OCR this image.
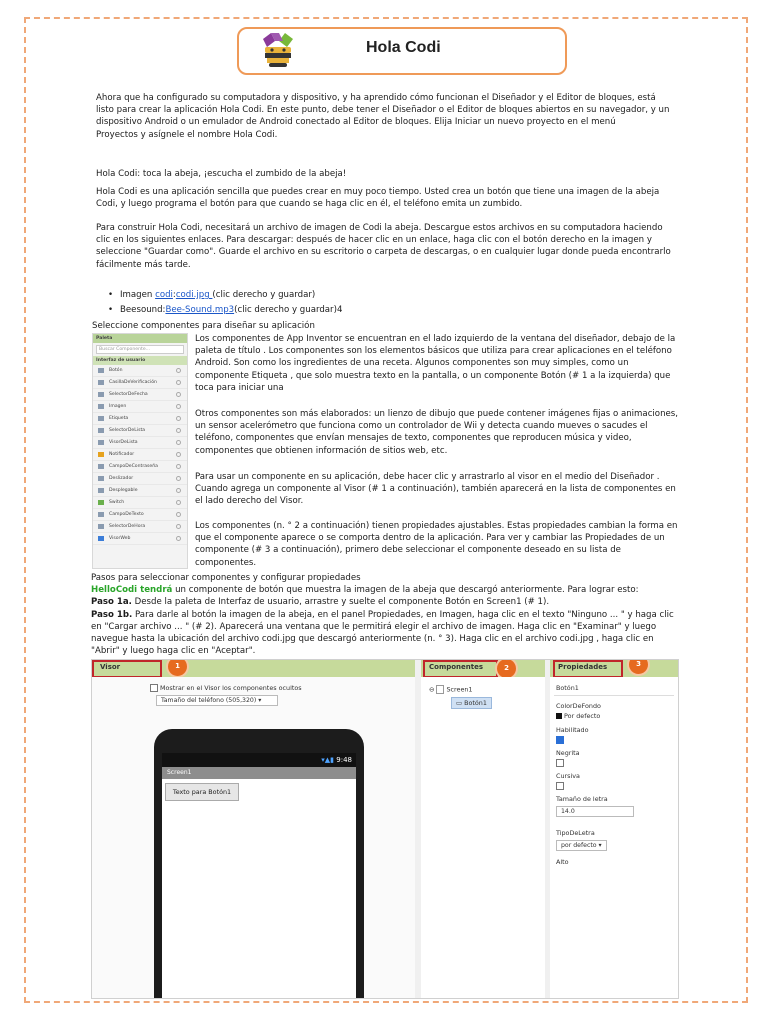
Hola Codi
Ahora que ha configurado su computadora y dispositivo, y ha aprendido cómo funcionan el Diseñador y el Editor de bloques, está listo para crear la aplicación Hola Codi. En este punto, debe tener el Diseñador o el Editor de bloques abiertos en su navegador, y un dispositivo Android o un emulador de Android conectado al Editor de bloques. Elija Iniciar un nuevo proyecto en el menú
Proyectos y asígnele el nombre Hola Codi.
Hola Codi: toca la abeja, ¡escucha el zumbido de la abeja!
Hola Codi es una aplicación sencilla que puedes crear en muy poco tiempo. Usted crea un botón que tiene una imagen de la abeja Codi, y luego programa el botón para que cuando se haga clic en él, el teléfono emita un zumbido.
Para construir Hola Codi, necesitará un archivo de imagen de Codi la abeja. Descargue estos archivos en su computadora haciendo clic en los siguientes enlaces. Para descargar: después de hacer clic en un enlace, haga clic con el botón derecho en la imagen y seleccione "Guardar como". Guarde el archivo en su escritorio o carpeta de descargas, o en cualquier lugar donde pueda encontrarlo fácilmente más tarde.
• Imagen codi:codi.jpg (clic derecho y guardar)
• Beesound:Bee-Sound.mp3(clic derecho y guardar)4
Seleccione componentes para diseñar su aplicación
Paleta
Buscar Componente...
Interfaz de usuario
Botón
CasillaDeVerificación
SelectorDeFecha
Imagen
Etiqueta
SelectorDeLista
VisorDeLista
Notificador
CampoDeContraseña
Deslizador
Desplegable
Switch
CampoDeTexto
SelectorDeHora
VisorWeb
Los componentes de App Inventor se encuentran en el lado izquierdo de la ventana del diseñador, debajo de la paleta de título . Los componentes son los elementos básicos que utiliza para crear aplicaciones en el teléfono Android. Son como los ingredientes de una receta. Algunos componentes son muy simples, como un componente Etiqueta , que solo muestra texto en la pantalla, o un componente Botón (# 1 a la izquierda) que toca para iniciar una
Otros componentes son más elaborados: un lienzo de dibujo que puede contener imágenes fijas o animaciones, un sensor acelerómetro que funciona como un controlador de Wii y detecta cuando mueves o sacudes el teléfono, componentes que envían mensajes de texto, componentes que reproducen música y video, componentes que obtienen información de sitios web, etc.
Para usar un componente en su aplicación, debe hacer clic y arrastrarlo al visor en el medio del Diseñador . Cuando agrega un componente al Visor (# 1 a continuación), también aparecerá en la lista de componentes en el lado derecho del Visor.
Los componentes (n. ° 2 a continuación) tienen propiedades ajustables. Estas propiedades cambian la forma en que el componente aparece o se comporta dentro de la aplicación. Para ver y cambiar las Propiedades de un componente (# 3 a continuación), primero debe seleccionar el componente deseado en su lista de componentes.
Pasos para seleccionar componentes y configurar propiedades
HelloCodi tendrá un componente de botón que muestra la imagen de la abeja que descargó anteriormente. Para lograr esto:
Paso 1a. Desde la paleta de Interfaz de usuario, arrastre y suelte el componente Botón en Screen1 (# 1).
Paso 1b. Para darle al botón la imagen de la abeja, en el panel Propiedades, en Imagen, haga clic en el texto "Ninguno ... " y haga clic en "Cargar archivo ... " (# 2). Aparecerá una ventana que le permitirá elegir el archivo de imagen. Haga clic en "Examinar" y luego navegue hasta la ubicación del archivo codi.jpg que descargó anteriormente (n. ° 3). Haga clic en el archivo codi.jpg , haga clic en "Abrir" y luego haga clic en "Aceptar".
Visor	Componentes	Propiedades
1	2	3
Mostrar en el Visor los componentes ocultos
Tamaño del teléfono (505,320) ▾
▾▲▮ 9:48
Screen1
Texto para Botón1
⊖ Screen1
▭ Botón1
Botón1
ColorDeFondo
Por defecto
Habilitado
Negrita
Cursiva
Tamaño de letra
14.0
TipoDeLetra
por defecto ▾
Alto
